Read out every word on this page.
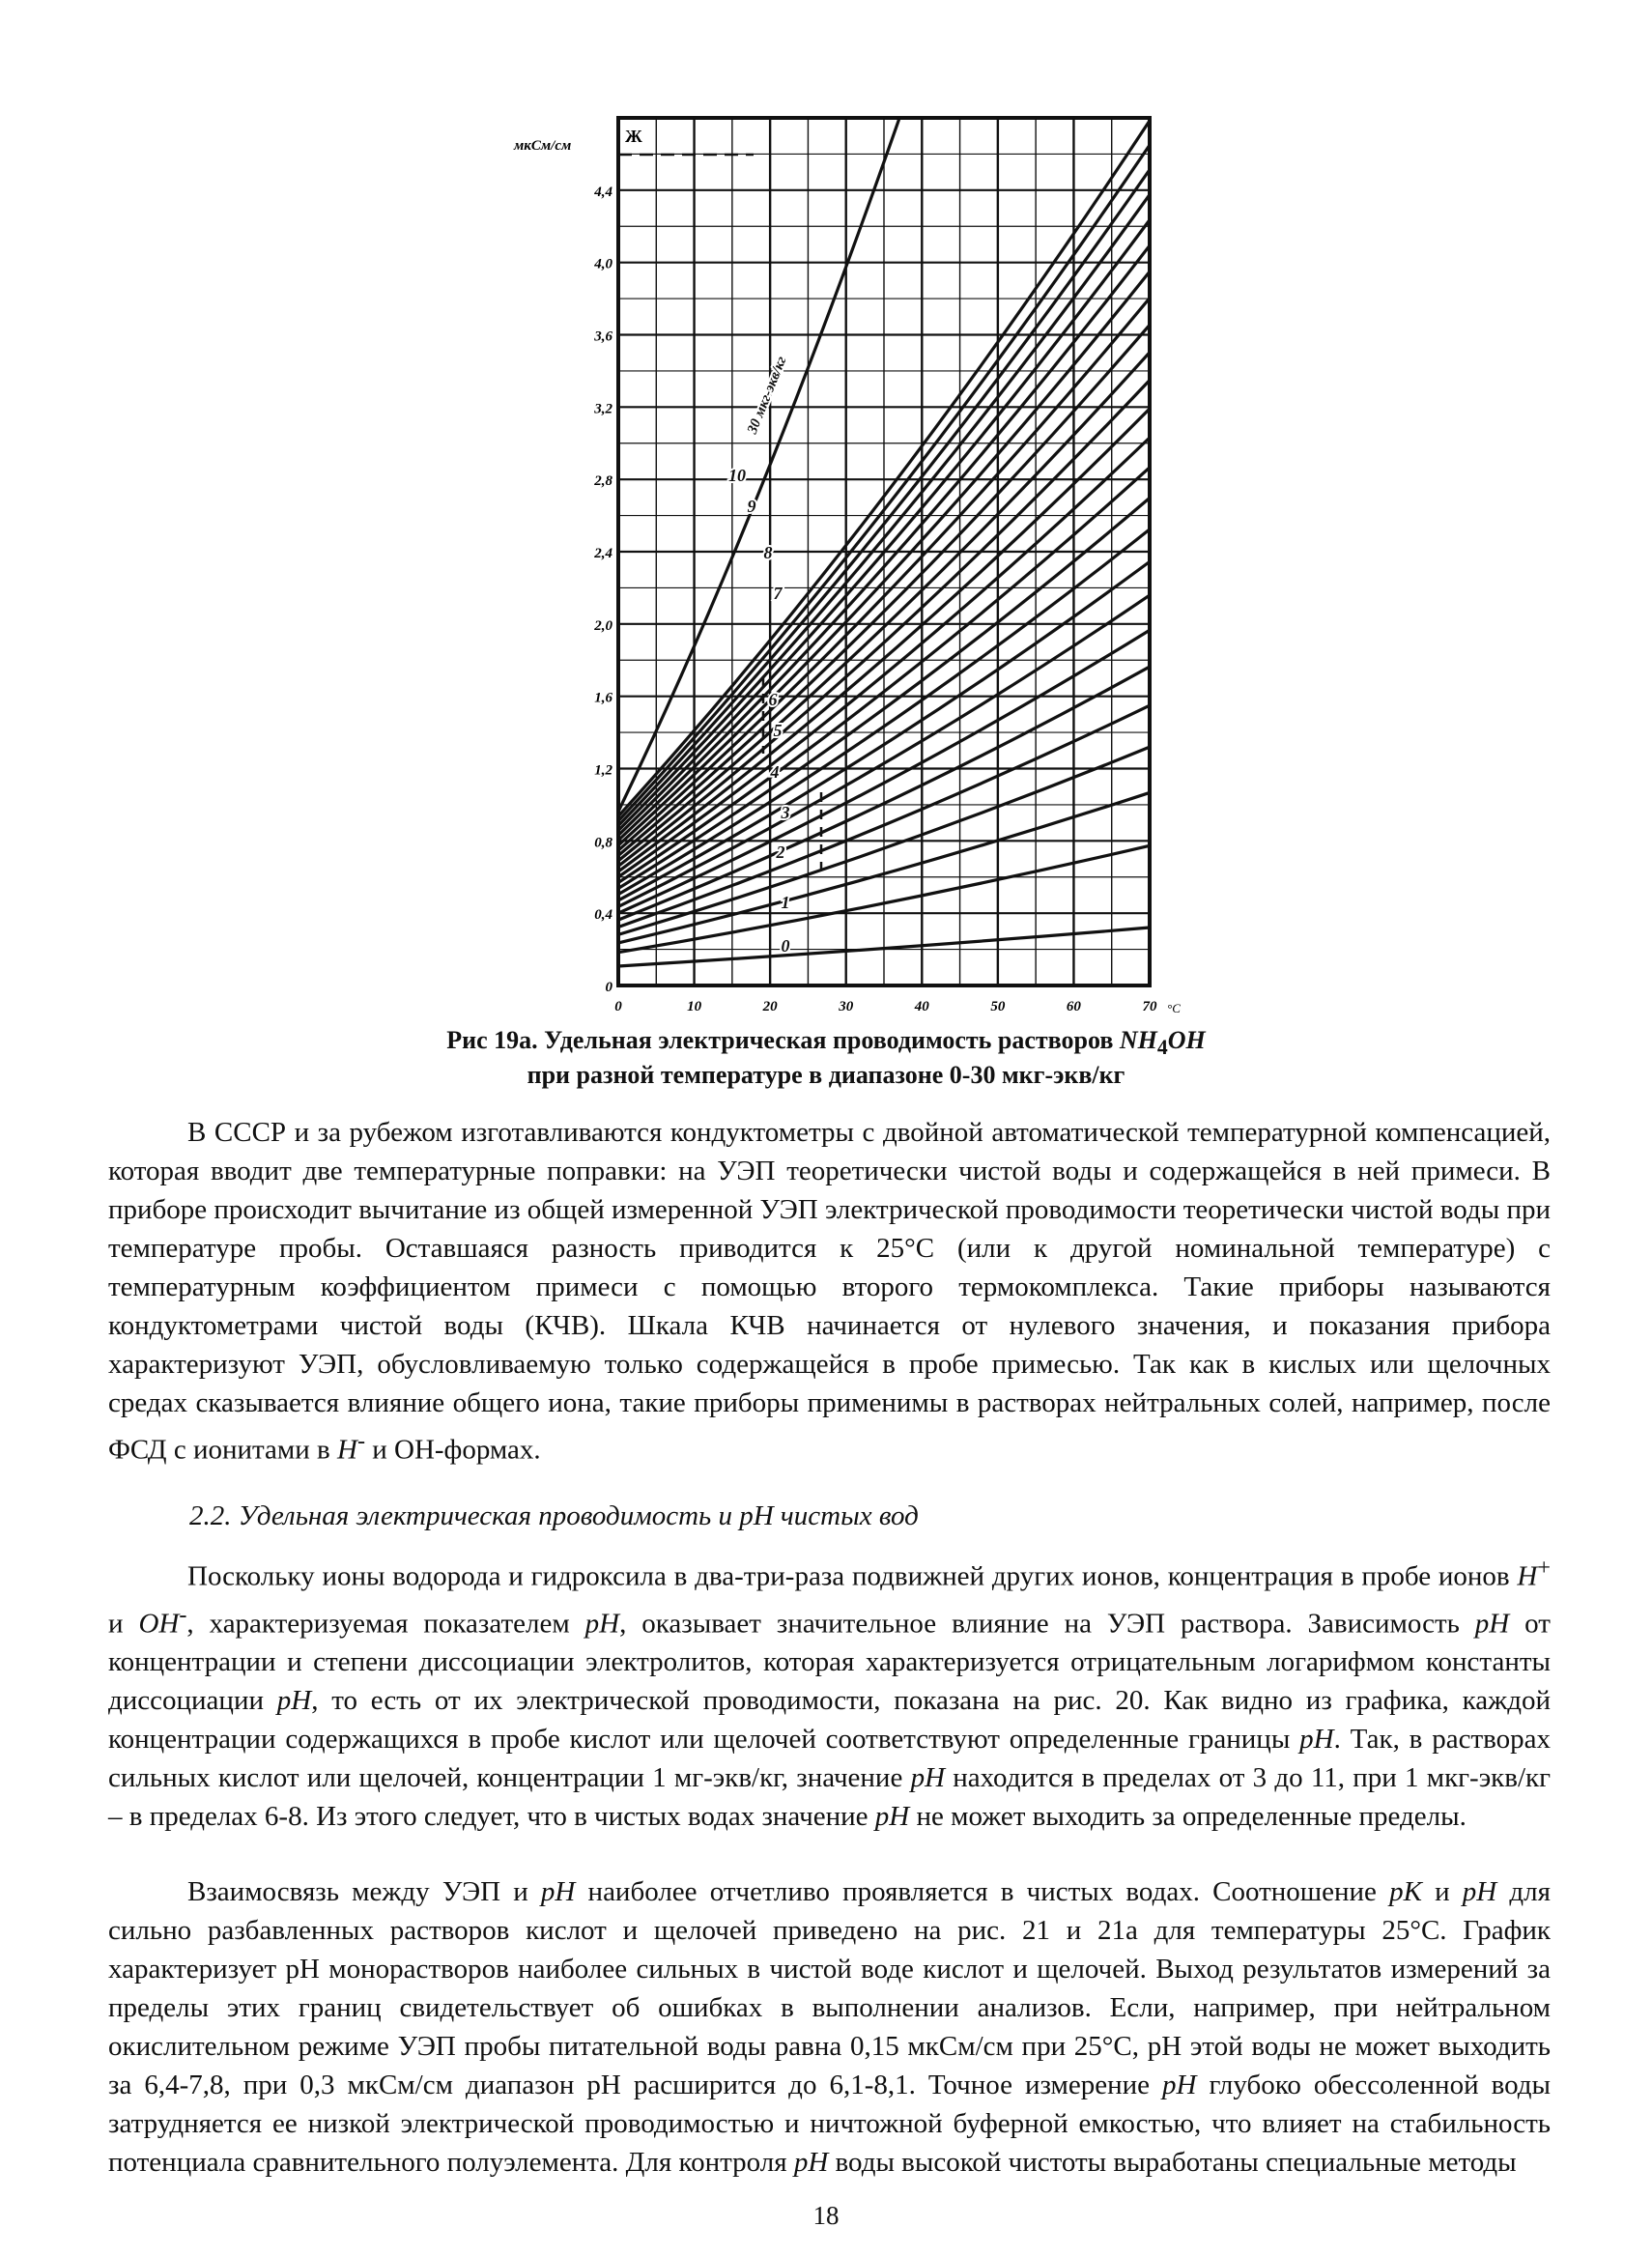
мкСм/см	Ж
°С
0
0,4
0,8
1,2
1,6
2,0
2,4
2,8
3,2
3,6
4,0
4,4
0	10	20	30	40	50	60	70
0
1
2
3
4
5
6
7
8
9
10
30 мкг-экв/кг
Рис 19а. Удельная электрическая проводимость растворов $NH_4OH$
при разной температуре в диапазоне 0-30 мкг-экв/кг

В СССР и за рубежом изготавливаются кондуктометры с двойной автоматической температурной компенсацией, которая вводит две температурные поправки: на УЭП теоретически чистой воды и содержащейся в ней примеси. В приборе происходит вычитание из общей измеренной УЭП электрической проводимости теоретически чистой воды при температуре пробы. Оставшаяся разность приводится к 25°С (или к другой номинальной температуре) с температурным коэффициентом примеси с помощью второго термокомплекса. Такие приборы называются кондуктометрами чистой воды (КЧВ). Шкала КЧВ начинается от нулевого значения, и показания прибора характеризуют УЭП, обусловливаемую только содержащейся в пробе примесью. Так как в кислых или щелочных средах сказывается влияние общего иона, такие приборы применимы в растворах нейтральных солей, например, после ФСД с ионитами в Н- и ОН-формах.

2.2. Удельная электрическая проводимость и pH чистых вод

Поскольку ионы водорода и гидроксила в два-три-раза подвижней других ионов, концентрация в пробе ионов Н+ и ОН-, характеризуемая показателем pH, оказывает значительное влияние на УЭП раствора. Зависимость pH от концентрации и степени диссоциации электролитов, которая характеризуется отрицательным логарифмом константы диссоциации pH, то есть от их электрической проводимости, показана на рис. 20. Как видно из графика, каждой концентрации содержащихся в пробе кислот или щелочей соответствуют определенные границы pH. Так, в растворах сильных кислот или щелочей, концентрации 1 мг-экв/кг, значение pH находится в пределах от 3 до 11, при 1 мкг-экв/кг – в пределах 6-8. Из этого следует, что в чистых водах значение pH не может выходить за определенные пределы.

Взаимосвязь между УЭП и pH наиболее отчетливо проявляется в чистых водах. Соотношение pK и pH для сильно разбавленных растворов кислот и щелочей приведено на рис. 21 и 21а для температуры 25°С. График характеризует pH монорастворов наиболее сильных в чистой воде кислот и щелочей. Выход результатов измерений за пределы этих границ свидетельствует об ошибках в выполнении анализов. Если, например, при нейтральном окислительном режиме УЭП пробы питательной воды равна 0,15 мкСм/см при 25°С, pH этой воды не может выходить за 6,4-7,8, при 0,3 мкСм/см диапазон pH расширится до 6,1-8,1. Точное измерение pH глубоко обессоленной воды затрудняется ее низкой электрической проводимостью и ничтожной буферной емкостью, что влияет на стабильность потенциала сравнительного полуэлемента. Для контроля pH воды высокой чистоты выработаны специальные методы

18
